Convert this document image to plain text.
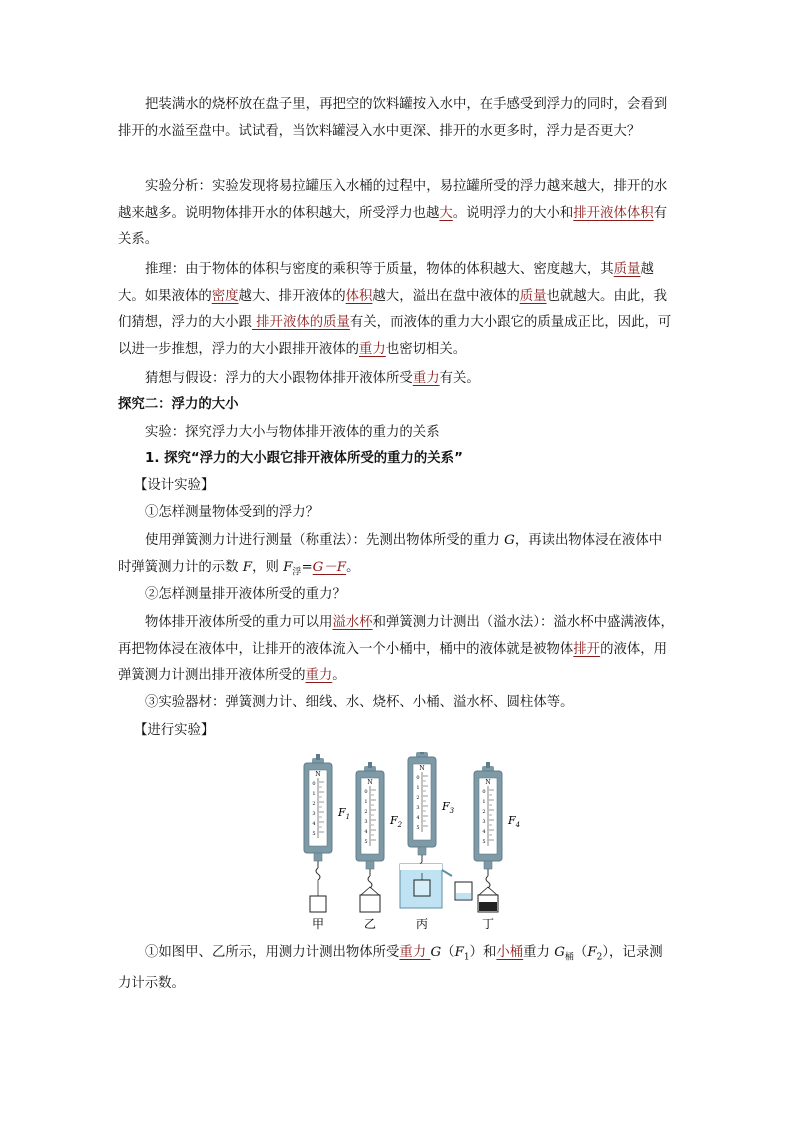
把装满水的烧杯放在盘子里，再把空的饮料罐按入水中，在手感受到浮力的同时，会看到排开的水溢至盘中。试试看，当饮料罐浸入水中更深、排开的水更多时，浮力是否更大？

实验分析：实验发现将易拉罐压入水桶的过程中，易拉罐所受的浮力越来越大，排开的水越来越多。说明物体排开水的体积越大，所受浮力也越大。说明浮力的大小和排开液体体积有关系。

推理：由于物体的体积与密度的乘积等于质量，物体的体积越大、密度越大，其质量越大。如果液体的密度越大、排开液体的体积越大，溢出在盘中液体的质量也就越大。由此，我们猜想，浮力的大小跟 排开液体的质量有关，而液体的重力大小跟它的质量成正比，因此，可以进一步推想，浮力的大小跟排开液体的重力也密切相关。

猜想与假设：浮力的大小跟物体排开液体所受重力有关。

探究二：浮力的大小

实验：探究浮力大小与物体排开液体的重力的关系

1. 探究“浮力的大小跟它排开液体所受的重力的关系”

【设计实验】

①怎样测量物体受到的浮力？

使用弹簧测力计进行测量（称重法）：先测出物体所受的重力 G，再读出物体浸在液体中时弹簧测力计的示数 F，则 $F_浮=G-F$。

②怎样测量排开液体所受的重力？

物体排开液体所受的重力可以用溢水杯和弹簧测力计测出（溢水法）：溢水杯中盛满液体，再把物体浸在液体中，让排开的液体流入一个小桶中，桶中的液体就是被物体排开的液体，用弹簧测力计测出排开液体所受的重力。

③实验器材：弹簧测力计、细线、水、烧杯、小桶、溢水杯、圆柱体等。

【进行实验】

N
0
1
2
3
4
5
$F_1$
N
0
1
2
3
4
5
$F_2$
N
0
1
2
3
4
5
$F_3$
N
0
1
2
3
4
5
$F_4$
甲	乙	丙	丁

①如图甲、乙所示，用测力计测出物体所受重力 $G(F_1)$和小桶重力 $G_桶(F_2)$，记录测力计示数。
